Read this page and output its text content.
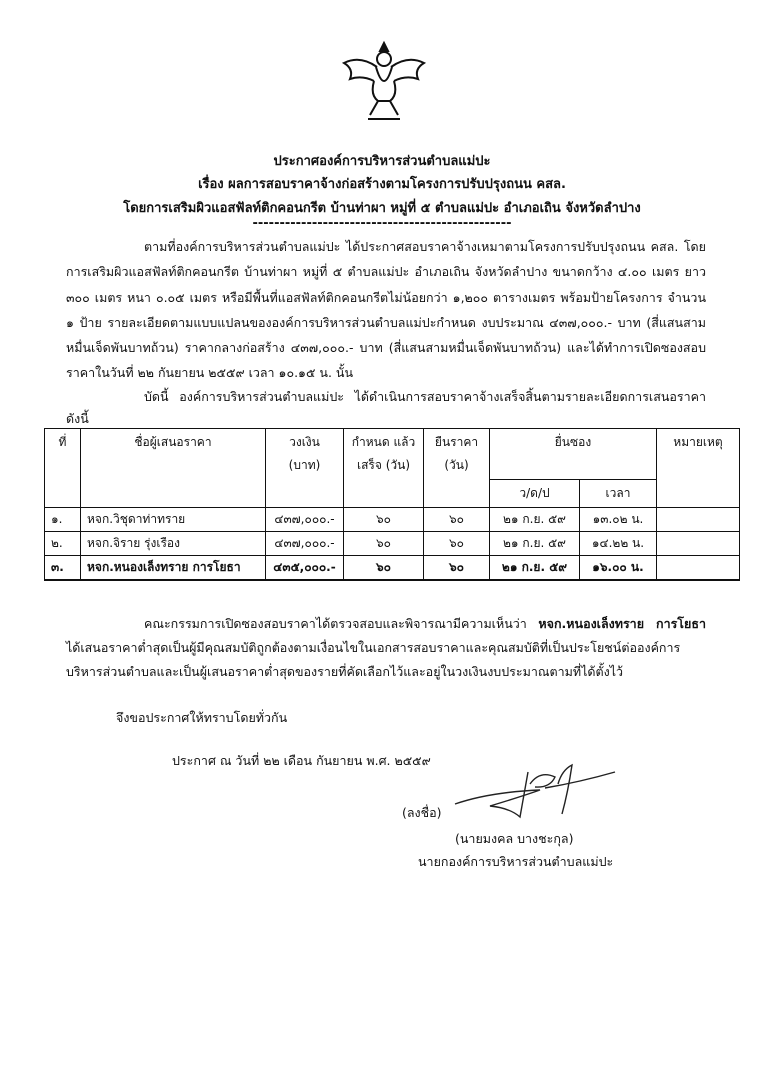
ประกาศองค์การบริหารส่วนตำบลแม่ปะ
เรื่อง ผลการสอบราคาจ้างก่อสร้างตามโครงการปรับปรุงถนน คสล.
โดยการเสริมผิวแอสฟัลท์ติกคอนกรีต บ้านท่าผา หมู่ที่ ๕ ตำบลแม่ปะ อำเภอเถิน จังหวัดลำปาง
------------------------------------------------
ตามที่องค์การบริหารส่วนตำบลแม่ปะ ได้ประกาศสอบราคาจ้างเหมาตามโครงการปรับปรุงถนน คสล. โดยการเสริมผิวแอสฟัลท์ติกคอนกรีต บ้านท่าผา หมู่ที่ ๕ ตำบลแม่ปะ อำเภอเถิน จังหวัดลำปาง ขนาดกว้าง ๔.๐๐ เมตร ยาว ๓๐๐ เมตร หนา ๐.๐๕ เมตร หรือมีพื้นที่แอสฟัลท์ติกคอนกรีตไม่น้อยกว่า ๑,๒๐๐ ตารางเมตร พร้อมป้ายโครงการ จำนวน ๑ ป้าย รายละเอียดตามแบบแปลนขององค์การบริหารส่วนตำบลแม่ปะกำหนด งบประมาณ ๔๓๗,๐๐๐.- บาท (สี่แสนสามหมื่นเจ็ดพันบาทถ้วน) ราคากลางก่อสร้าง ๔๓๗,๐๐๐.- บาท (สี่แสนสามหมื่นเจ็ดพันบาทถ้วน) และได้ทำการเปิดซองสอบราคาในวันที่ ๒๒ กันยายน ๒๕๕๙ เวลา ๑๐.๑๕ น. นั้น
บัดนี้ องค์การบริหารส่วนตำบลแม่ปะ ได้ดำเนินการสอบราคาจ้างเสร็จสิ้นตามรายละเอียดการเสนอราคา ดังนี้
ที่	ชื่อผู้เสนอราคา	วงเงิน (บาท)	กำหนด แล้วเสร็จ (วัน)	ยืนราคา (วัน)	ยื่นซอง		หมายเหตุ
					ว/ด/ป	เวลา	
๑.	หจก.วิชุดาท่าทราย	๔๓๗,๐๐๐.-	๖๐	๖๐	๒๑ ก.ย. ๕๙	๑๓.๐๒ น.	
๒.	หจก.จิราย รุ่งเรือง	๔๓๗,๐๐๐.-	๖๐	๖๐	๒๑ ก.ย. ๕๙	๑๔.๒๒ น.	
๓.	หจก.หนองเล็งทราย การโยธา	๔๓๕,๐๐๐.-	๖๐	๖๐	๒๑ ก.ย. ๕๙	๑๖.๐๐ น.	
คณะกรรมการเปิดซองสอบราคาได้ตรวจสอบและพิจารณามีความเห็นว่า หจก.หนองเล็งทราย การโยธา ได้เสนอราคาต่ำสุดเป็นผู้มีคุณสมบัติถูกต้องตามเงื่อนไขในเอกสารสอบราคาและคุณสมบัติที่เป็นประโยชน์ต่อองค์การบริหารส่วนตำบลและเป็นผู้เสนอราคาต่ำสุดของรายที่คัดเลือกไว้และอยู่ในวงเงินงบประมาณตามที่ได้ตั้งไว้
จึงขอประกาศให้ทราบโดยทั่วกัน
ประกาศ ณ วันที่ ๒๒ เดือน กันยายน พ.ศ. ๒๕๕๙
(ลงชื่อ)
(นายมงคล บางชะกุล)
นายกองค์การบริหารส่วนตำบลแม่ปะ
